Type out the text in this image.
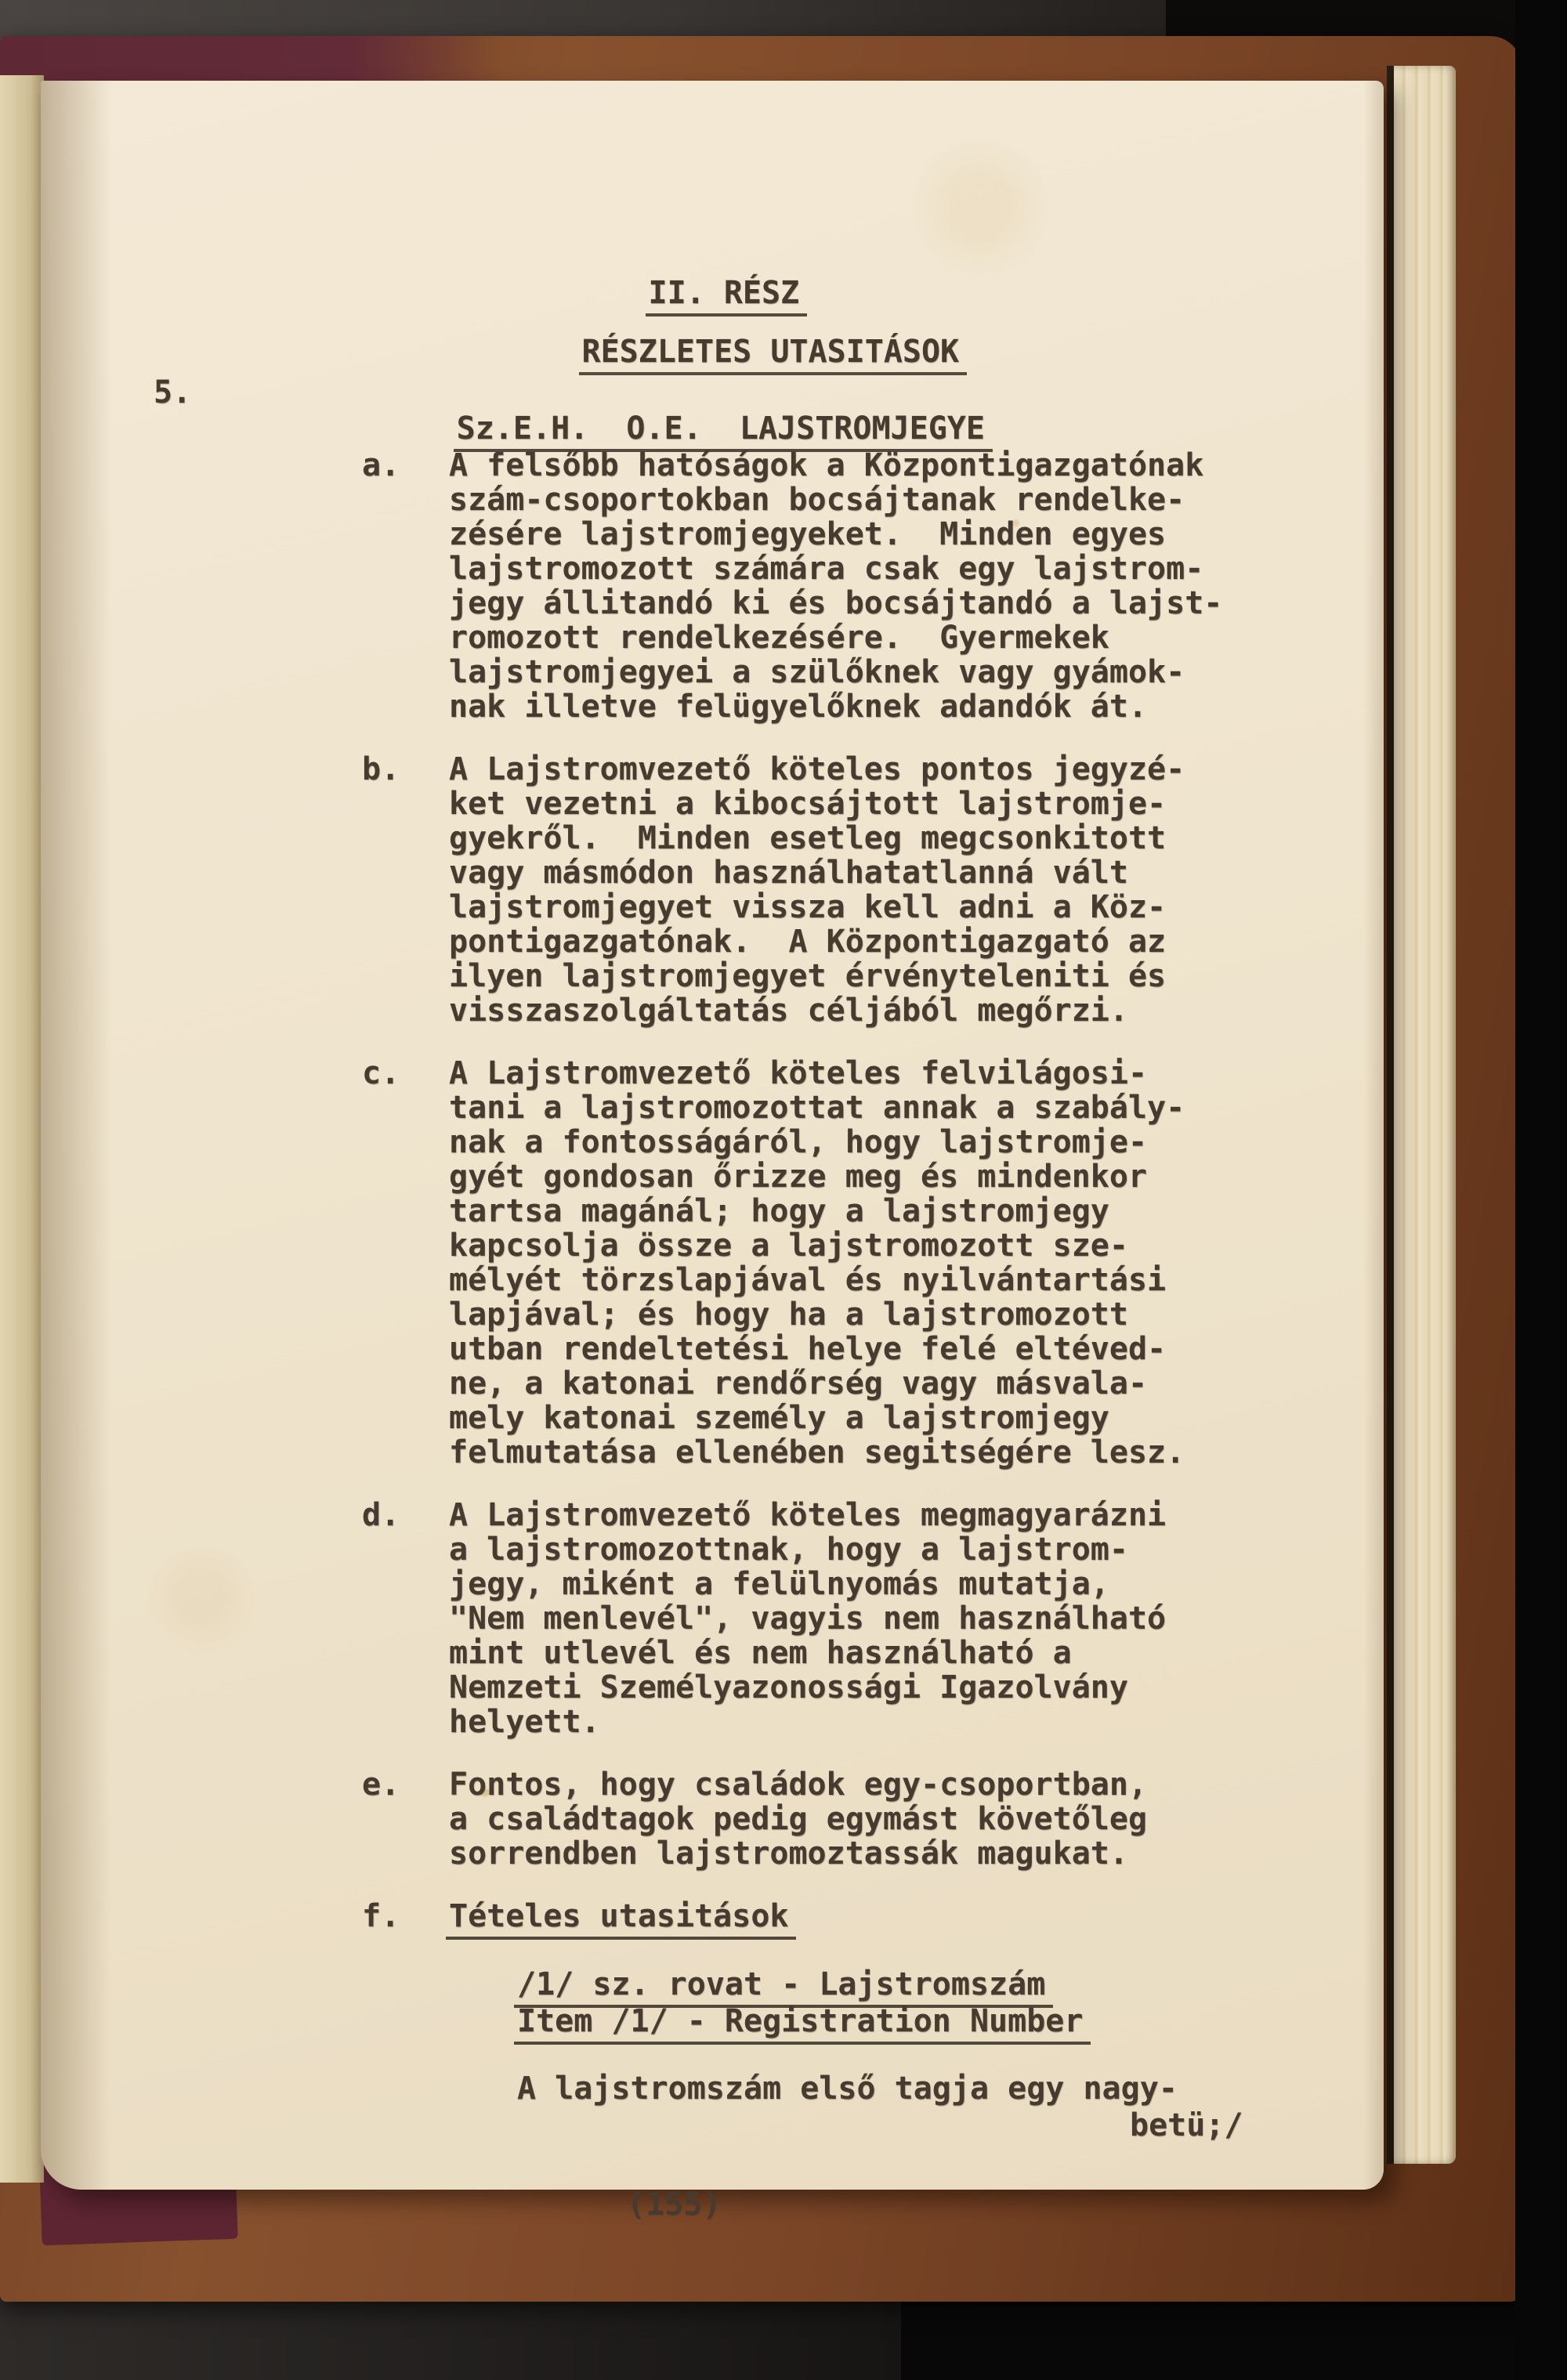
II. RÉSZ

RÉSZLETES UTASITÁSOK

5.

Sz.E.H.  O.E.  LAJSTROMJEGYE

a. A felsőbb hatóságok a Központigazgatónak
szám-csoportokban bocsájtanak rendelke-
zésére lajstromjegyeket.  Minden egyes
lajstromozott számára csak egy lajstrom-
jegy állitandó ki és bocsájtandó a lajst-
romozott rendelkezésére.  Gyermekek
lajstromjegyei a szülőknek vagy gyámok-
nak illetve felügyelőknek adandók át.
b. A Lajstromvezető köteles pontos jegyzé-
ket vezetni a kibocsájtott lajstromje-
gyekről.  Minden esetleg megcsonkitott
vagy másmódon használhatatlanná vált
lajstromjegyet vissza kell adni a Köz-
pontigazgatónak.  A Központigazgató az
ilyen lajstromjegyet érvényteleniti és
visszaszolgáltatás céljából megőrzi.
c. A Lajstromvezető köteles felvilágosi-
tani a lajstromozottat annak a szabály-
nak a fontosságáról, hogy lajstromje-
gyét gondosan őrizze meg és mindenkor
tartsa magánál; hogy a lajstromjegy
kapcsolja össze a lajstromozott sze-
mélyét törzslapjával és nyilvántartási
lapjával; és hogy ha a lajstromozott
utban rendeltetési helye felé eltéved-
ne, a katonai rendőrség vagy másvala-
mely katonai személy a lajstromjegy
felmutatása ellenében segitségére lesz.
d. A Lajstromvezető köteles megmagyarázni
a lajstromozottnak, hogy a lajstrom-
jegy, miként a felülnyomás mutatja,
"Nem menlevél", vagyis nem használható
mint utlevél és nem használható a
Nemzeti Személyazonossági Igazolvány
helyett.
e. Fontos, hogy családok egy-csoportban,
a családtagok pedig egymást követőleg
sorrendben lajstromoztassák magukat.
f. Tételes utasitások
/1/ sz. rovat - Lajstromszám
Item /1/ - Registration Number
A lajstromszám első tagja egy nagy-
betü;/
(155)
